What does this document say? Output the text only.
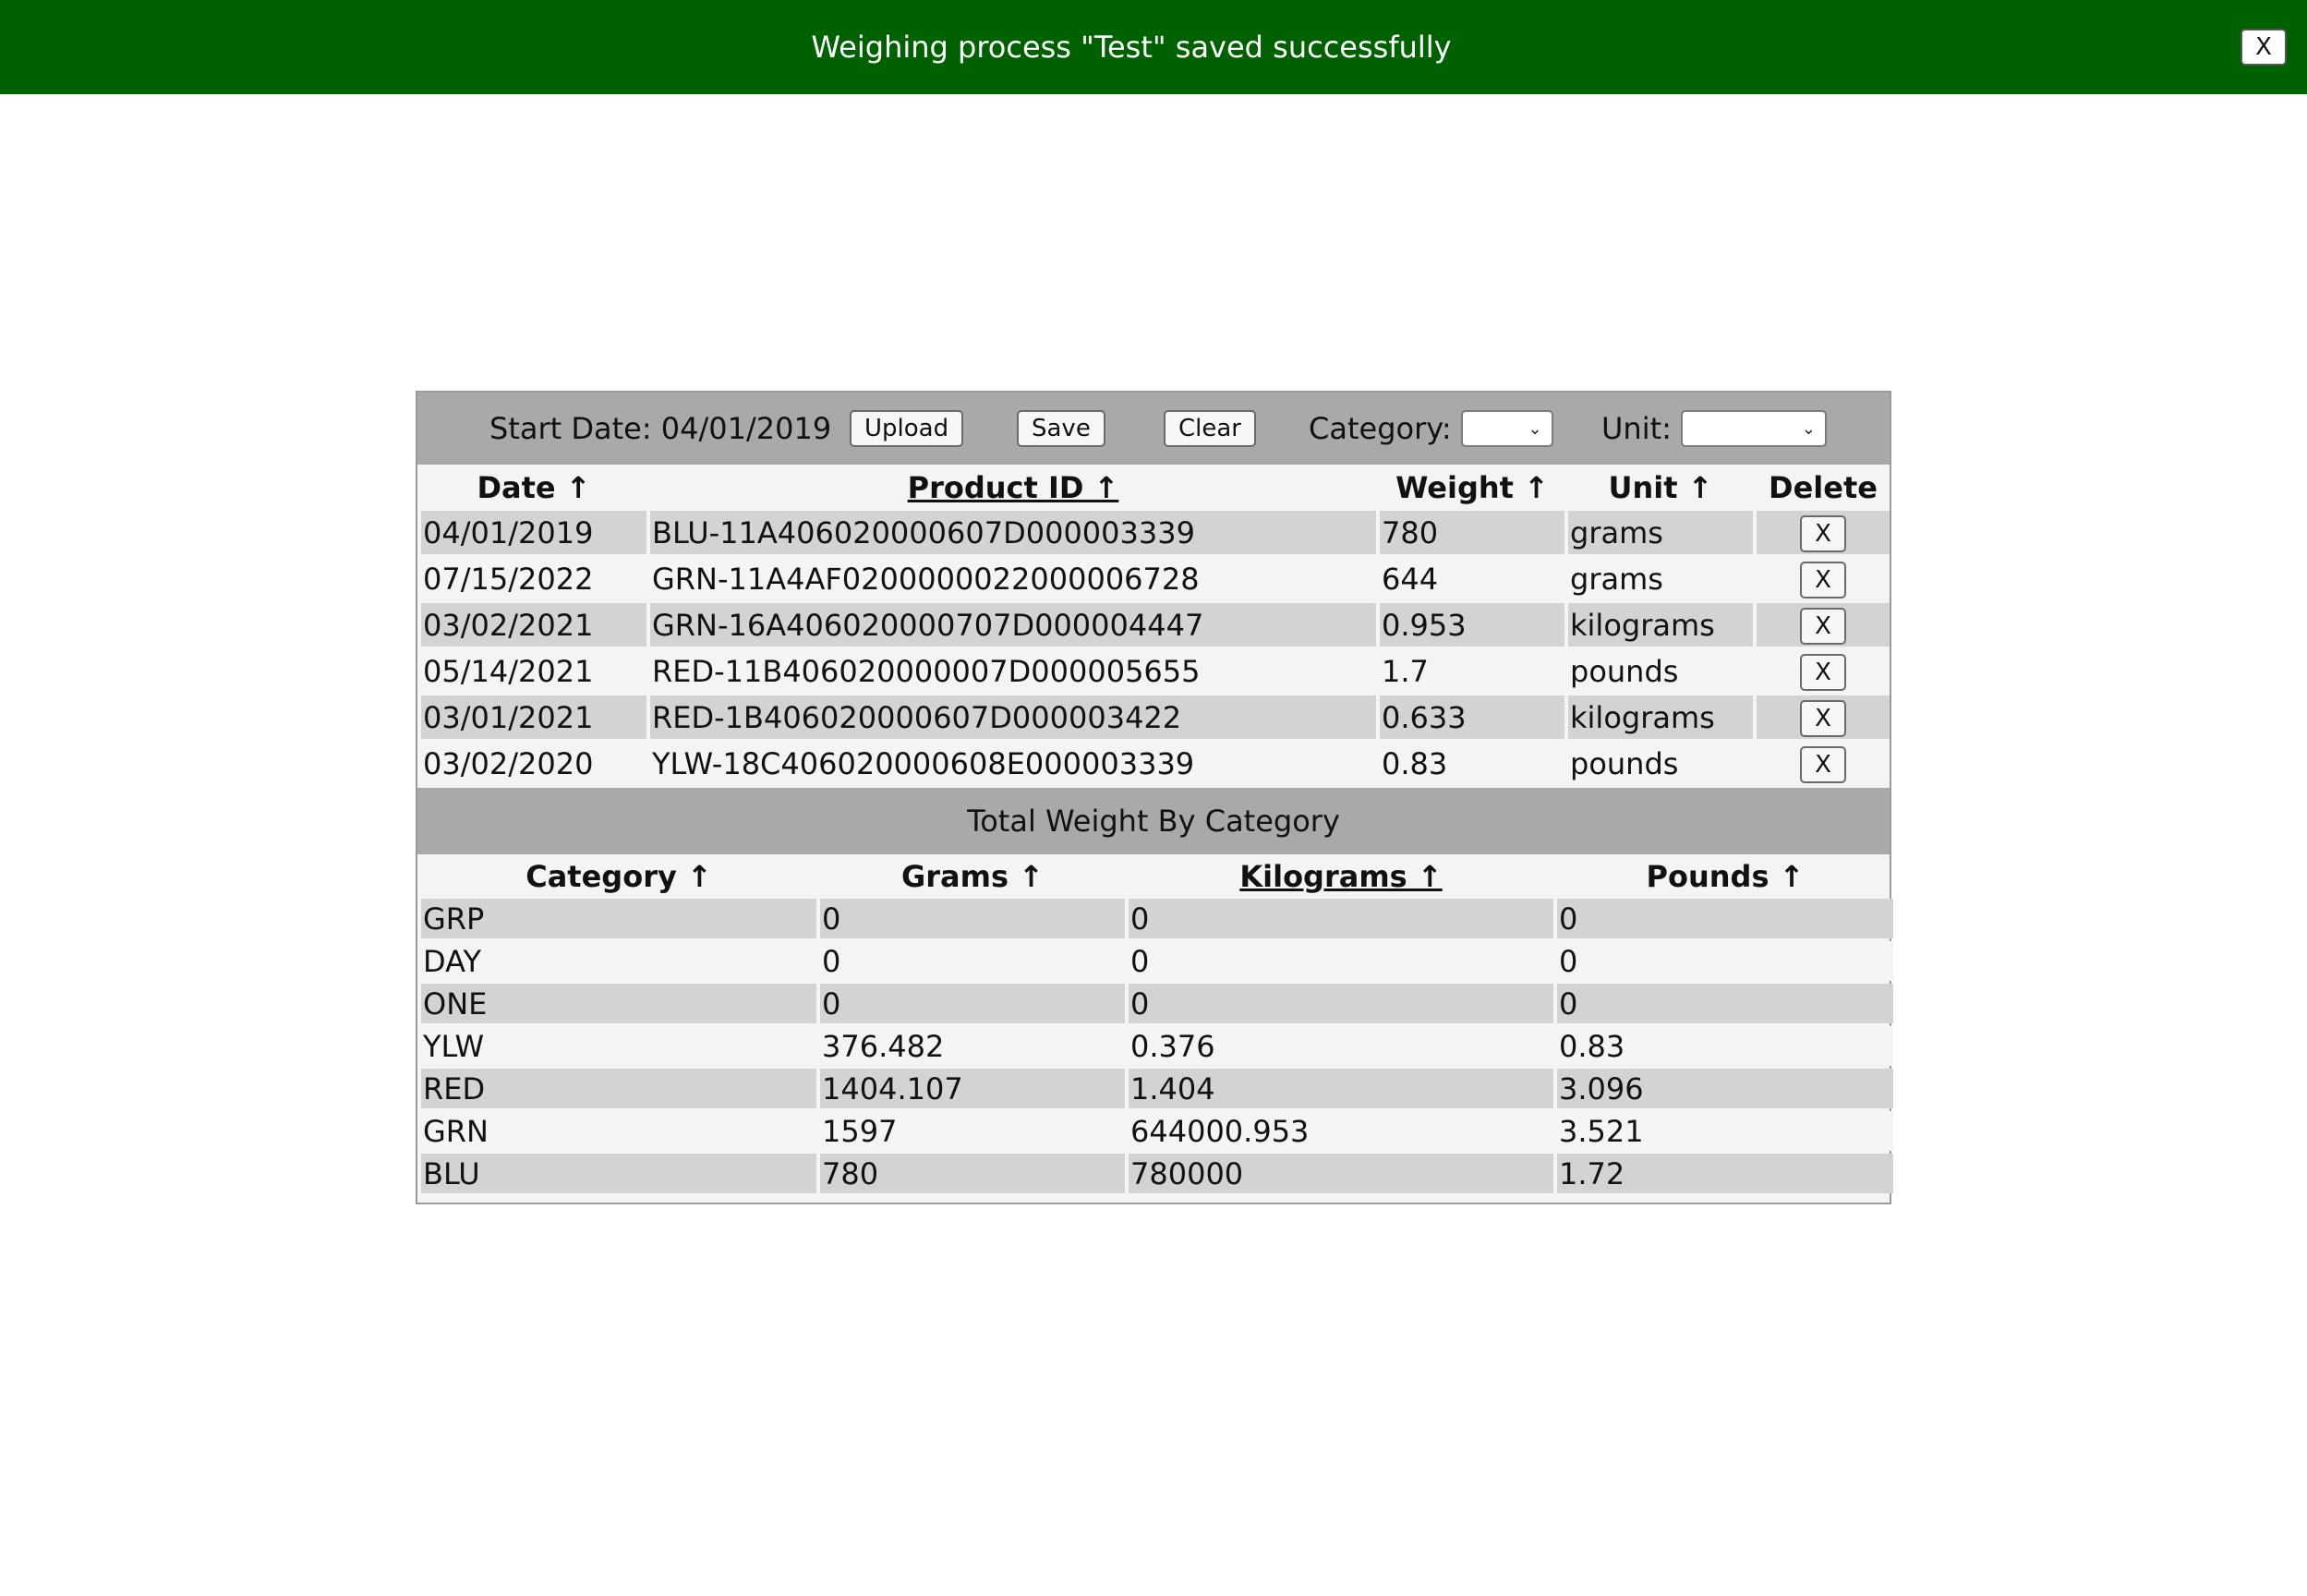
Weighing process "Test" saved successfully	X
Start Date: 04/01/2019	Upload	Save	Clear	Category:	⌄ Unit:	⌄
Date ↑	Product ID ↑	Weight ↑	Unit ↑	Delete
04/01/2019	BLU-11A406020000607D000003339	780	grams	X
07/15/2022	GRN-11A4AF0200000022000006728	644	grams	X
03/02/2021	GRN-16A406020000707D000004447	0.953	kilograms	X
05/14/2021	RED-11B406020000007D000005655	1.7	pounds	X
03/01/2021	RED-1B406020000607D000003422	0.633	kilograms	X
03/02/2020	YLW-18C406020000608E000003339	0.83	pounds	X
Total Weight By Category
Category ↑	Grams ↑	Kilograms ↑	Pounds ↑
GRP	0	0	0
DAY	0	0	0
ONE	0	0	0
YLW	376.482	0.376	0.83
RED	1404.107	1.404	3.096
GRN	1597	644000.953	3.521
BLU	780	780000	1.72
